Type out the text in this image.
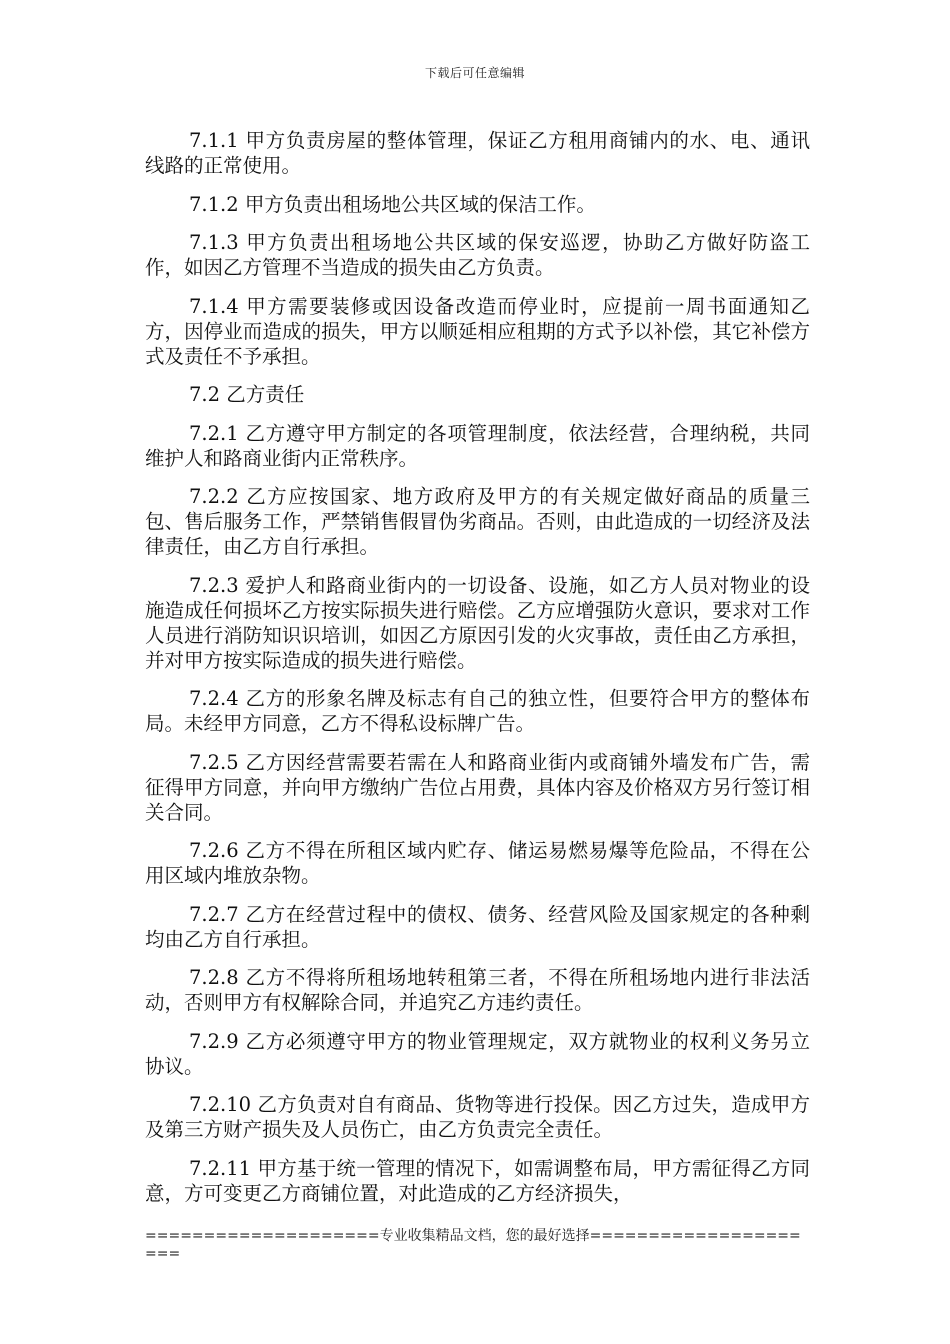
下载后可任意编辑

7.1.1 甲方负责房屋的整体管理，保证乙方租用商铺内的水、电、通讯线路的正常使用。

7.1.2 甲方负责出租场地公共区域的保洁工作。

7.1.3 甲方负责出租场地公共区域的保安巡逻，协助乙方做好防盗工作，如因乙方管理不当造成的损失由乙方负责。

7.1.4 甲方需要装修或因设备改造而停业时，应提前一周书面通知乙方，因停业而造成的损失，甲方以顺延相应租期的方式予以补偿，其它补偿方式及责任不予承担。

7.2 乙方责任

7.2.1 乙方遵守甲方制定的各项管理制度，依法经营，合理纳税，共同维护人和路商业街内正常秩序。

7.2.2 乙方应按国家、地方政府及甲方的有关规定做好商品的质量三包、售后服务工作，严禁销售假冒伪劣商品。否则，由此造成的一切经济及法律责任，由乙方自行承担。

7.2.3 爱护人和路商业街内的一切设备、设施，如乙方人员对物业的设施造成任何损坏乙方按实际损失进行赔偿。乙方应增强防火意识，要求对工作人员进行消防知识识培训，如因乙方原因引发的火灾事故，责任由乙方承担，并对甲方按实际造成的损失进行赔偿。

7.2.4 乙方的形象名牌及标志有自己的独立性，但要符合甲方的整体布局。未经甲方同意，乙方不得私设标牌广告。

7.2.5 乙方因经营需要若需在人和路商业街内或商铺外墙发布广告，需征得甲方同意，并向甲方缴纳广告位占用费，具体内容及价格双方另行签订相关合同。

7.2.6 乙方不得在所租区域内贮存、储运易燃易爆等危险品，不得在公用区域内堆放杂物。

7.2.7 乙方在经营过程中的债权、债务、经营风险及国家规定的各种剩均由乙方自行承担。

7.2.8 乙方不得将所租场地转租第三者，不得在所租场地内进行非法活动，否则甲方有权解除合同，并追究乙方违约责任。

7.2.9 乙方必须遵守甲方的物业管理规定，双方就物业的权利义务另立协议。

7.2.10 乙方负责对自有商品、货物等进行投保。因乙方过失，造成甲方及第三方财产损失及人员伤亡，由乙方负责完全责任。

7.2.11 甲方基于统一管理的情况下，如需调整布局，甲方需征得乙方同意，方可变更乙方商铺位置，对此造成的乙方经济损失，

====================专业收集精品文档，您的最好选择=====================
